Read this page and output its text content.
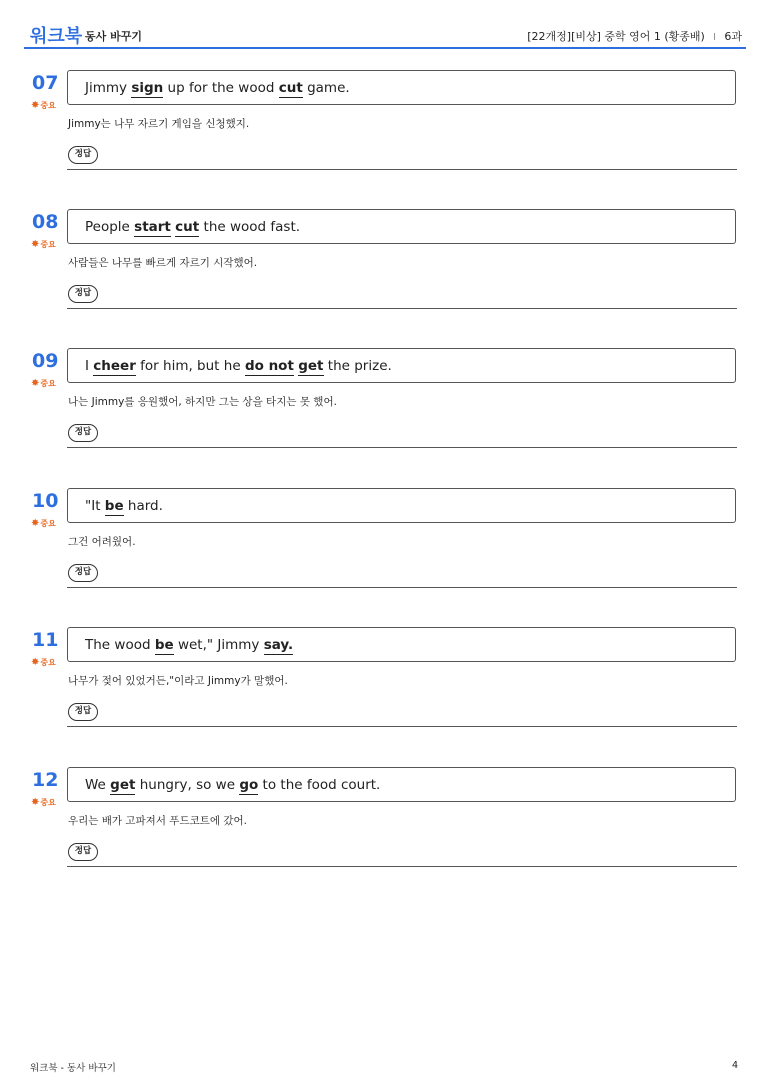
워크북 동사 바꾸기	[22개정][비상] 중학 영어 1 (황종배) l 6과
07
✸중요
Jimmy sign up for the wood cut game.
Jimmy는 나무 자르기 게임을 신청했지.
정답
08
✸중요
People start cut the wood fast.
사람들은 나무를 빠르게 자르기 시작했어.
정답
09
✸중요
I cheer for him, but he do not get the prize.
나는 Jimmy를 응원했어, 하지만 그는 상을 타지는 못 했어.
정답
10
✸중요
"It be hard.
그건 어려웠어.
정답
11
✸중요
The wood be wet," Jimmy say.
나무가 젖어 있었거든,"이라고 Jimmy가 말했어.
정답
12
✸중요
We get hungry, so we go to the food court.
우리는 배가 고파져서 푸드코트에 갔어.
정답
워크북 - 동사 바꾸기	4
